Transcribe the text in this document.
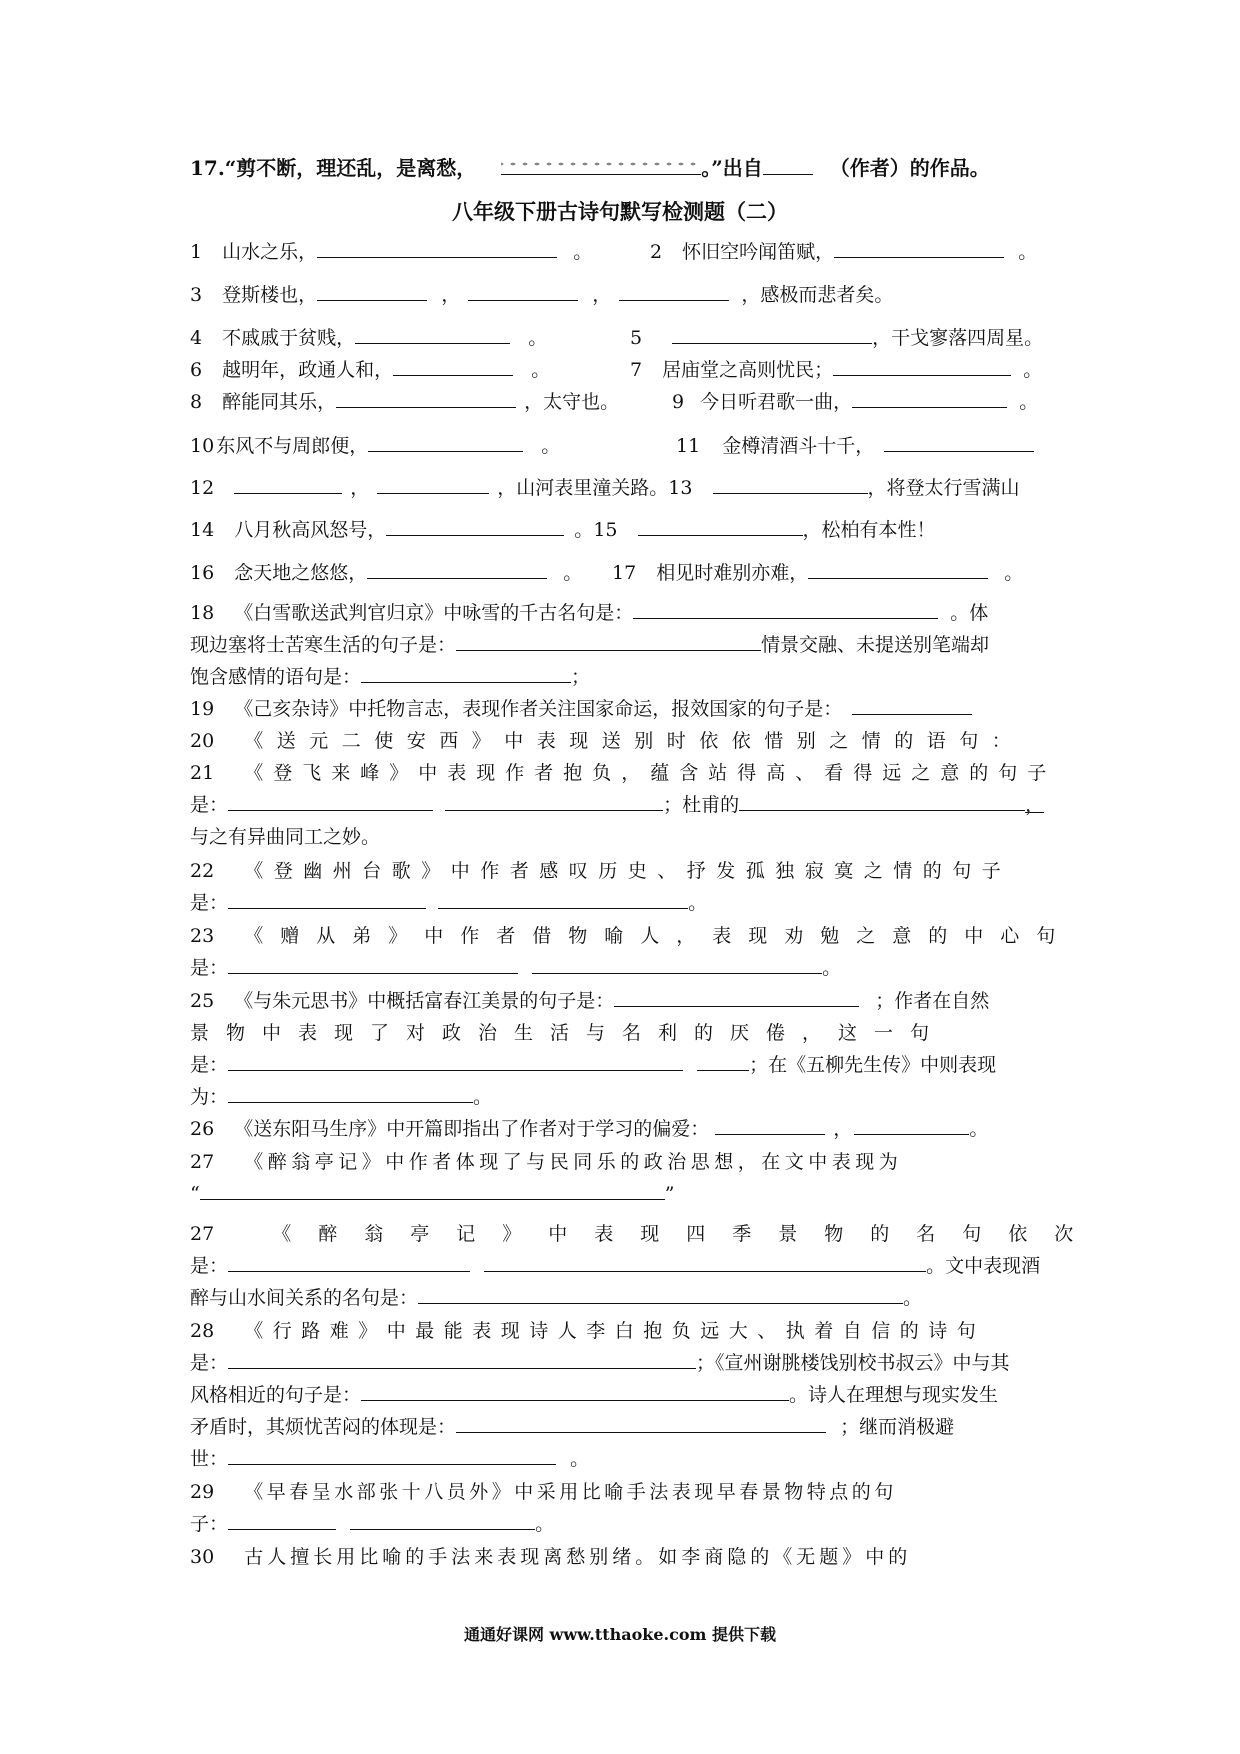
17.“剪不断，理还乱，是离愁，	。”出自	（作者）的作品。
八年级下册古诗句默写检测题（二）
1 山水之乐，	。	2 怀旧空吟闻笛赋，	。
3 登斯楼也，	，	，	，感极而悲者矣。
4 不戚戚于贫贱，	。	5	，干戈寥落四周星。
6 越明年，政通人和，	。	7 居庙堂之高则忧民；	。
8 醉能同其乐，	，太守也。	9 今日听君歌一曲，	。
10 东风不与周郎便，	。	11 金樽清酒斗十千，
12	，	，山河表里潼关路。13	，将登太行雪满山
14 八月秋高风怒号，	。15	，松柏有本性！
16 念天地之悠悠，	。	17 相见时难别亦难，	。
18 《白雪歌送武判官归京》中咏雪的千古名句是：	。体
现边塞将士苦寒生活的句子是：	情景交融、未提送别笔端却
饱含感情的语句是：	；
19 《己亥杂诗》中托物言志，表现作者关注国家命运，报效国家的句子是：
20 《送元二使安西》中表现送别时依依惜别之情的语句：
21 《登飞来峰》中表现作者抱负，蕴含站得高、看得远之意的句子
是：	；杜甫的	，
与之有异曲同工之妙。
22 《登幽州台歌》中作者感叹历史、抒发孤独寂寞之情的句子
是：	。
23 《赠从弟》中作者借物喻人，表现劝勉之意的中心句
是：	。
25 《与朱元思书》中概括富春江美景的句子是：	；作者在自然
景物中表现了对政治生活与名利的厌倦，这一句
是：	；在《五柳先生传》中则表现
为：	。
26 《送东阳马生序》中开篇即指出了作者对于学习的偏爱：	，	。
27 《醉翁亭记》中作者体现了与民同乐的政治思想，在文中表现为
“	”
27	《醉翁亭记》中表现四季景物的名句依次
是：	。文中表现酒
醉与山水间关系的名句是：	。
28 《行路难》中最能表现诗人李白抱负远大、执着自信的诗句
是：	；《宣州谢朓楼饯别校书叔云》中与其
风格相近的句子是：	。诗人在理想与现实发生
矛盾时，其烦忧苦闷的体现是：	；继而消极避
世：	。
29 《早春呈水部张十八员外》中采用比喻手法表现早春景物特点的句
子：	。
30 古人擅长用比喻的手法来表现离愁别绪。如李商隐的《无题》中的
通通好课网 www.tthaoke.com 提供下载
